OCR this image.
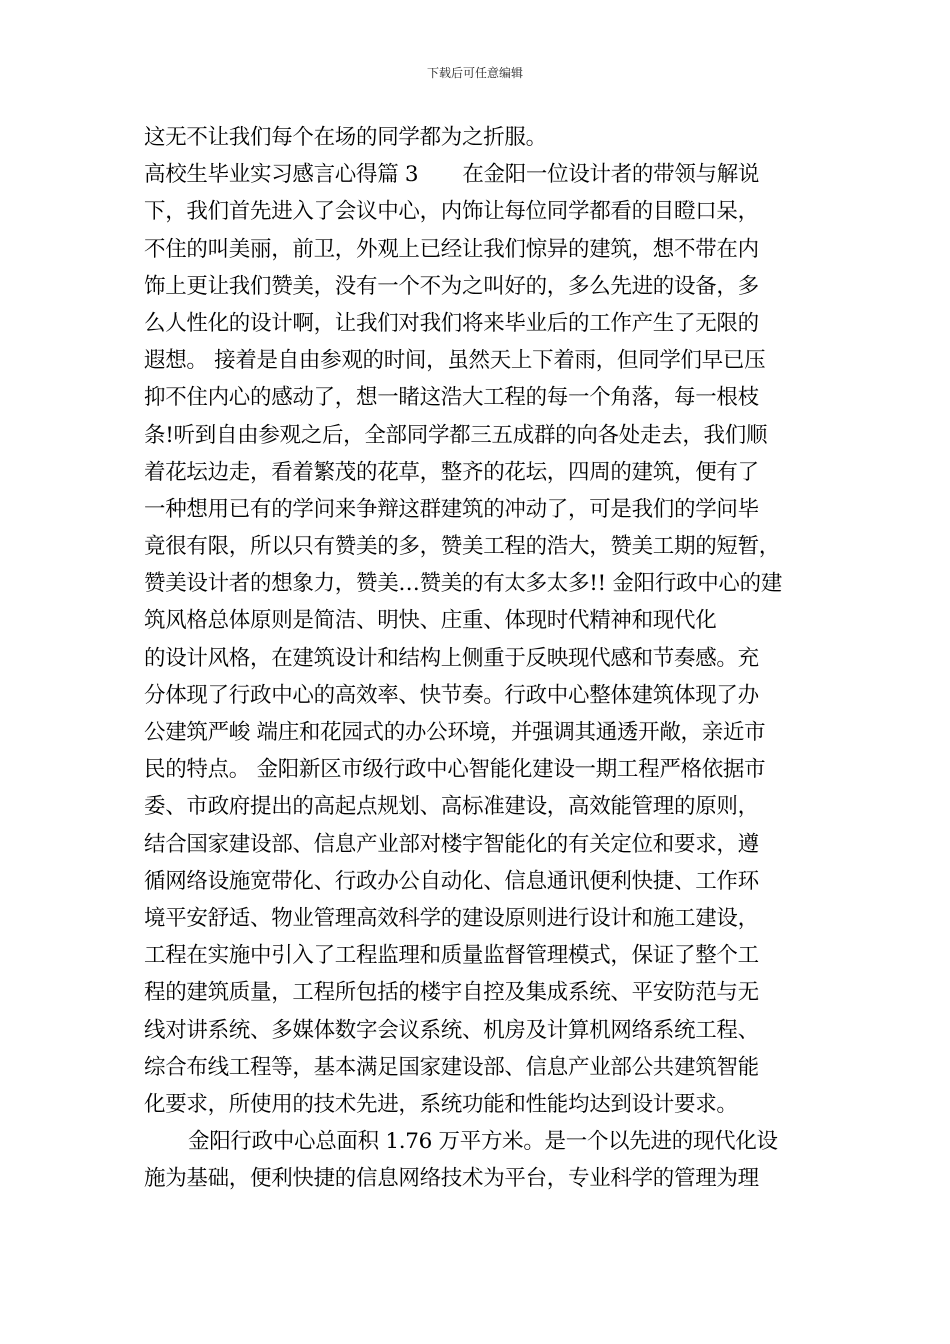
下载后可任意编辑
这无不让我们每个在场的同学都为之折服。
高校生毕业实习感言心得篇 3 在金阳一位设计者的带领与解说
下，我们首先进入了会议中心，内饰让每位同学都看的目瞪口呆，
不住的叫美丽，前卫，外观上已经让我们惊异的建筑，想不带在内
饰上更让我们赞美，没有一个不为之叫好的，多么先进的设备，多
么人性化的设计啊，让我们对我们将来毕业后的工作产生了无限的
遐想。 接着是自由参观的时间，虽然天上下着雨，但同学们早已压
抑不住内心的感动了，想一睹这浩大工程的每一个角落，每一根枝
条!听到自由参观之后，全部同学都三五成群的向各处走去，我们顺
着花坛边走，看着繁茂的花草，整齐的花坛，四周的建筑，便有了
一种想用已有的学问来争辩这群建筑的冲动了，可是我们的学问毕
竟很有限，所以只有赞美的多，赞美工程的浩大，赞美工期的短暂，
赞美设计者的想象力，赞美…赞美的有太多太多!! 金阳行政中心的建
筑风格总体原则是简洁、明快、庄重、体现时代精神和现代化
的设计风格，在建筑设计和结构上侧重于反映现代感和节奏感。充
分体现了行政中心的高效率、快节奏。行政中心整体建筑体现了办
公建筑严峻 端庄和花园式的办公环境，并强调其通透开敞，亲近市
民的特点。 金阳新区市级行政中心智能化建设一期工程严格依据市
委、市政府提出的高起点规划、高标准建设，高效能管理的原则，
结合国家建设部、信息产业部对楼宇智能化的有关定位和要求，遵
循网络设施宽带化、行政办公自动化、信息通讯便利快捷、工作环
境平安舒适、物业管理高效科学的建设原则进行设计和施工建设，
工程在实施中引入了工程监理和质量监督管理模式，保证了整个工
程的建筑质量，工程所包括的楼宇自控及集成系统、平安防范与无
线对讲系统、多媒体数字会议系统、机房及计算机网络系统工程、
综合布线工程等，基本满足国家建设部、信息产业部公共建筑智能
化要求，所使用的技术先进，系统功能和性能均达到设计要求。
金阳行政中心总面积 1.76 万平方米。是一个以先进的现代化设
施为基础，便利快捷的信息网络技术为平台，专业科学的管理为理
